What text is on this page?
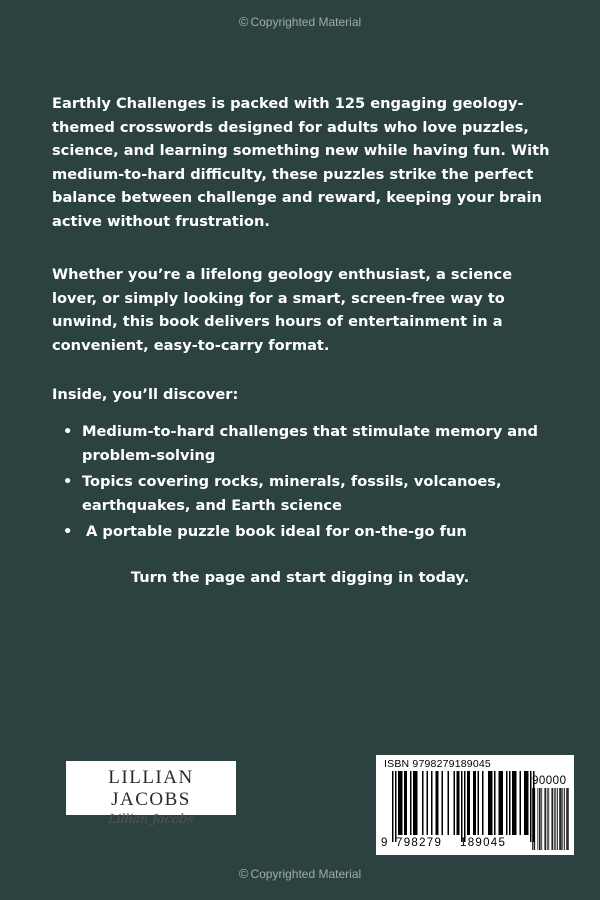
© Copyrighted Material

Earthly Challenges is packed with 125 engaging geology-themed crosswords designed for adults who love puzzles, science, and learning something new while having fun. With medium-to-hard difficulty, these puzzles strike the perfect balance between challenge and reward, keeping your brain active without frustration.

Whether you’re a lifelong geology enthusiast, a science lover, or simply looking for a smart, screen-free way to unwind, this book delivers hours of entertainment in a convenient, easy-to-carry format.

Inside, you’ll discover:

• Medium-to-hard challenges that stimulate memory and problem-solving
• Topics covering rocks, minerals, fossils, volcanoes, earthquakes, and Earth science
• A portable puzzle book ideal for on-the-go fun

Turn the page and start digging in today.

LILLIAN JACOBS
Lillian Jacobs
ISBN 9798279189045
9 798279 189045
90000
© Copyrighted Material
